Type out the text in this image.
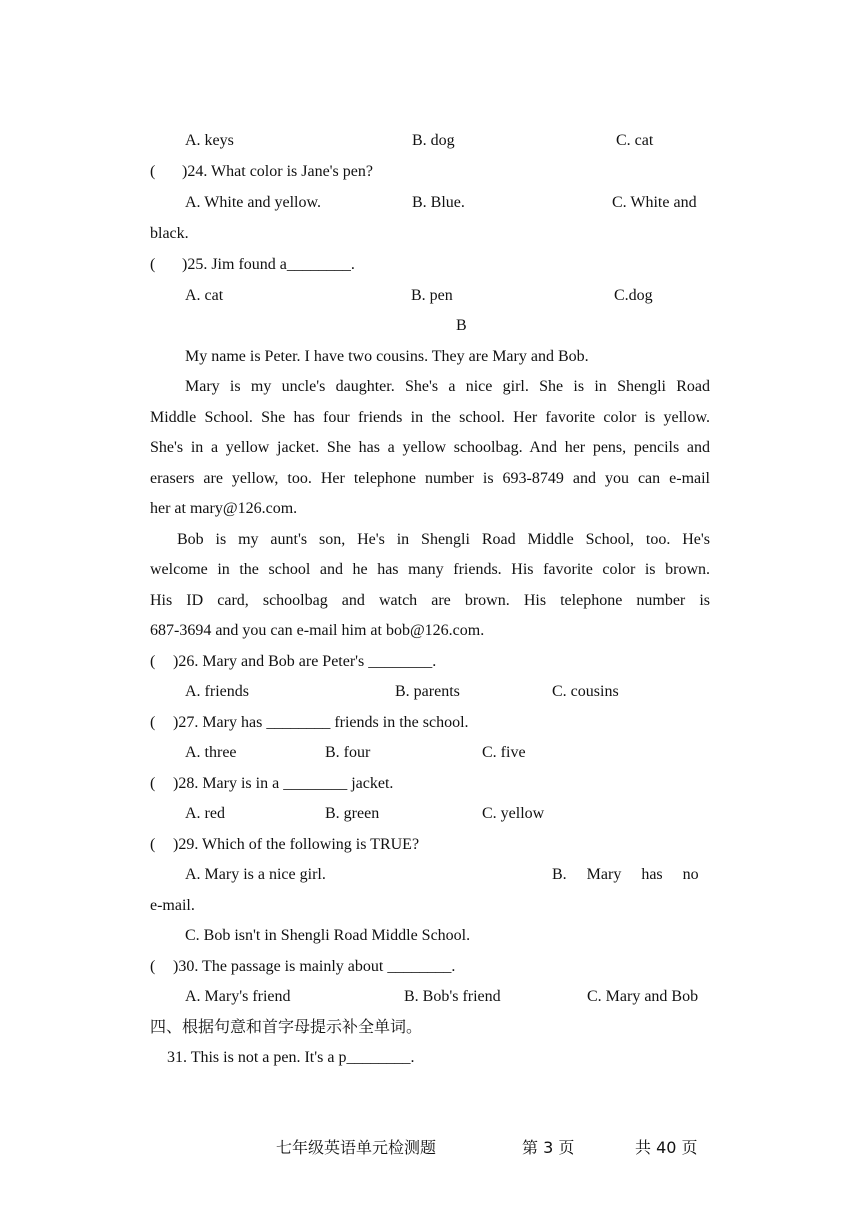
A. keys	B. dog	C. cat
( )24. What color is Jane's pen?
A. White and yellow.	B. Blue.	C. White and
black.
( )25. Jim found a________.
A. cat	B. pen	C.dog
B
My name is Peter. I have two cousins. They are Mary and Bob.
Mary is my uncle's daughter. She's a nice girl. She is in Shengli Road
Middle School. She has four friends in the school. Her favorite color is yellow.
She's in a yellow jacket. She has a yellow schoolbag. And her pens, pencils and
erasers are yellow, too. Her telephone number is 693-8749 and you can e-mail
her at mary@126.com.
Bob is my aunt's son, He's in Shengli Road Middle School, too. He's
welcome in the school and he has many friends. His favorite color is brown.
His ID card, schoolbag and watch are brown. His telephone number is
687-3694 and you can e-mail him at bob@126.com.
( )26. Mary and Bob are Peter's ________.
A. friends	B. parents	C. cousins
( )27. Mary has ________ friends in the school.
A. three	B. four	C. five
( )28. Mary is in a ________ jacket.
A. red	B. green	C. yellow
( )29. Which of the following is TRUE?
A. Mary is a nice girl.	B.     Mary     has     no
e-mail.
C. Bob isn't in Shengli Road Middle School.
( )30. The passage is mainly about ________.
A. Mary's friend	B. Bob's friend	C. Mary and Bob
四、根据句意和首字母提示补全单词。
31. This is not a pen. It's a p________.
七年级英语单元检测题	第 3 页	共 40 页
